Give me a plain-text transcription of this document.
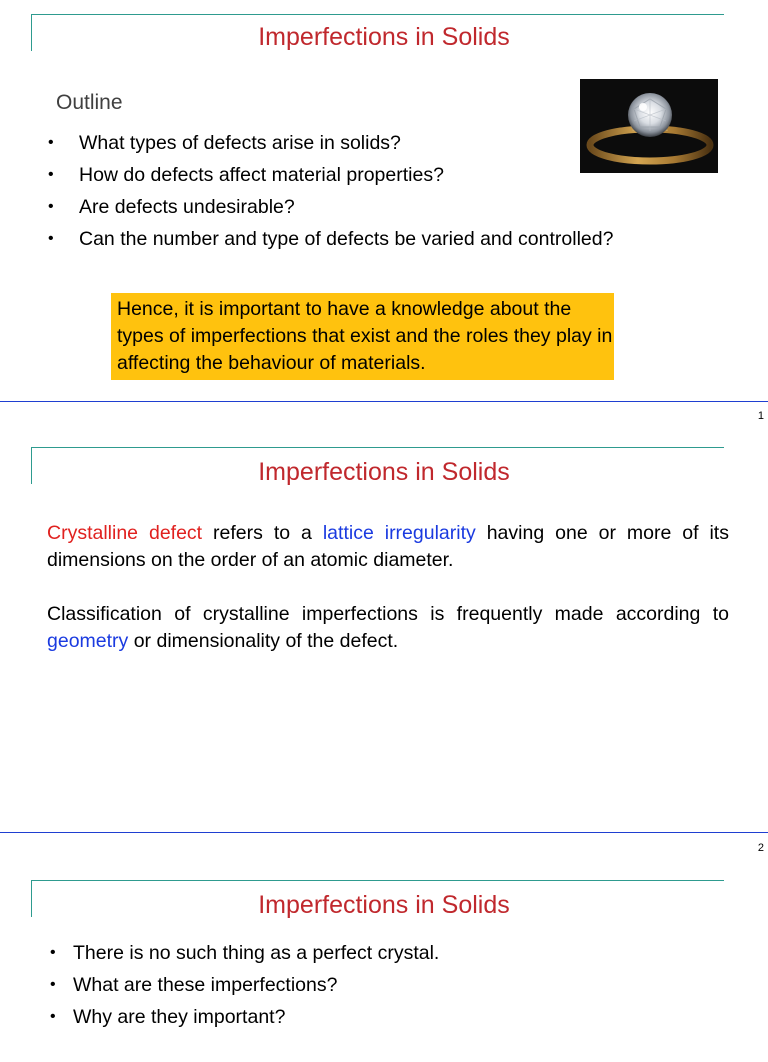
Imperfections in Solids
Outline
• What types of defects arise in solids?
• How do defects affect material properties?
• Are defects undesirable?
• Can the number and type of defects be varied and controlled?
Hence, it is important to have a knowledge about the types of imperfections that exist and the roles they play in affecting the behaviour of materials.
1
Imperfections in Solids

Crystalline defect refers to a lattice irregularity having one or more of its dimensions on the order of an atomic diameter.

Classification of crystalline imperfections is frequently made according to geometry or dimensionality of the defect.

2
Imperfections in Solids
• There is no such thing as a perfect crystal.
• What are these imperfections?
• Why are they important?
